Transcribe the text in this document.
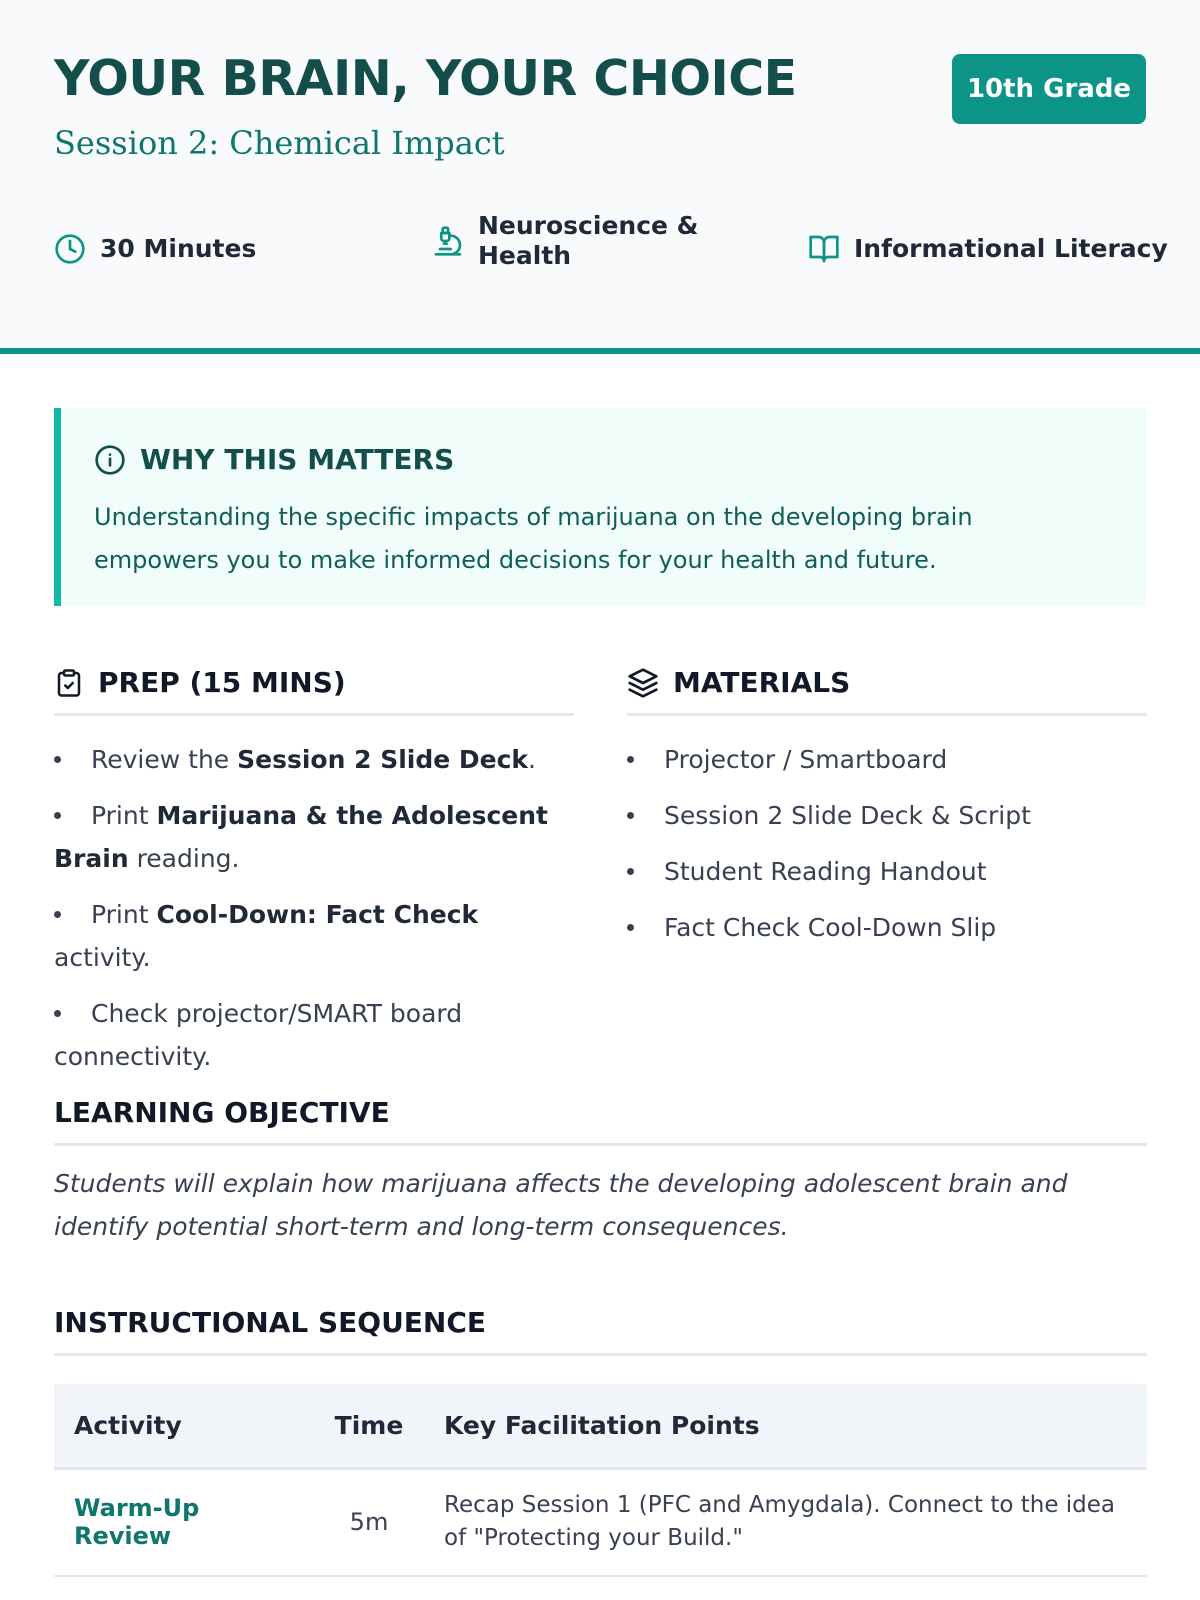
YOUR BRAIN, YOUR CHOICE
Session 2: Chemical Impact
10th Grade
30 Minutes
Neuroscience & Health	Informational Literacy
WHY THIS MATTERS
Understanding the specific impacts of marijuana on the developing brain empowers you to make informed decisions for your health and future.
PREP (15 MINS)
Review the Session 2 Slide Deck.
Print Marijuana & the Adolescent Brain reading.
Print Cool-Down: Fact Check activity.
Check projector/SMART board connectivity.
MATERIALS
Projector / Smartboard
Session 2 Slide Deck & Script
Student Reading Handout
Fact Check Cool-Down Slip
LEARNING OBJECTIVE
Students will explain how marijuana affects the developing adolescent brain and identify potential short-term and long-term consequences.
INSTRUCTIONAL SEQUENCE
Activity	Time	Key Facilitation Points
Warm-Up Review	5m	Recap Session 1 (PFC and Amygdala). Connect to the idea of "Protecting your Build."
